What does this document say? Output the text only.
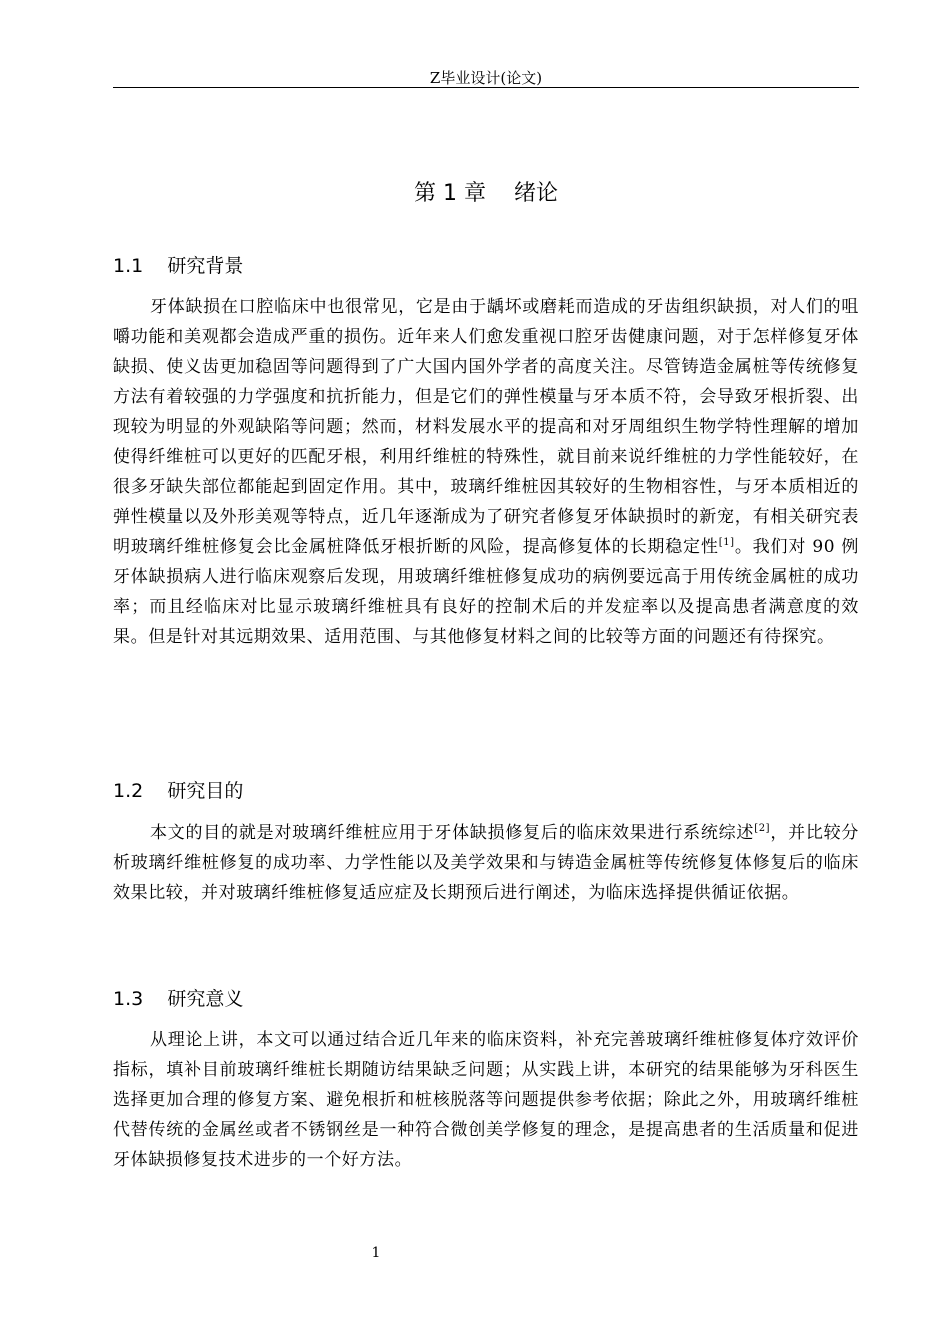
Z毕业设计(论文)
第 1 章    绪论
1.1    研究背景

牙体缺损在口腔临床中也很常见，它是由于龋坏或磨耗而造成的牙齿组织缺损，对人们的咀嚼功能和美观都会造成严重的损伤。近年来人们愈发重视口腔牙齿健康问题，对于怎样修复牙体缺损、使义齿更加稳固等问题得到了广大国内国外学者的高度关注。尽管铸造金属桩等传统修复方法有着较强的力学强度和抗折能力，但是它们的弹性模量与牙本质不符，会导致牙根折裂、出现较为明显的外观缺陷等问题；然而，材料发展水平的提高和对牙周组织生物学特性理解的增加使得纤维桩可以更好的匹配牙根，利用纤维桩的特殊性，就目前来说纤维桩的力学性能较好，在很多牙缺失部位都能起到固定作用。其中，玻璃纤维桩因其较好的生物相容性，与牙本质相近的弹性模量以及外形美观等特点，近几年逐渐成为了研究者修复牙体缺损时的新宠，有相关研究表明玻璃纤维桩修复会比金属桩降低牙根折断的风险，提高修复体的长期稳定性[1]。我们对 90 例牙体缺损病人进行临床观察后发现，用玻璃纤维桩修复成功的病例要远高于用传统金属桩的成功率；而且经临床对比显示玻璃纤维桩具有良好的控制术后的并发症率以及提高患者满意度的效果。但是针对其远期效果、适用范围、与其他修复材料之间的比较等方面的问题还有待探究。

1.2    研究目的

本文的目的就是对玻璃纤维桩应用于牙体缺损修复后的临床效果进行系统综述[2]，并比较分析玻璃纤维桩修复的成功率、力学性能以及美学效果和与铸造金属桩等传统修复体修复后的临床效果比较，并对玻璃纤维桩修复适应症及长期预后进行阐述，为临床选择提供循证依据。

1.3    研究意义

从理论上讲，本文可以通过结合近几年来的临床资料，补充完善玻璃纤维桩修复体疗效评价指标，填补目前玻璃纤维桩长期随访结果缺乏问题；从实践上讲，本研究的结果能够为牙科医生选择更加合理的修复方案、避免根折和桩核脱落等问题提供参考依据；除此之外，用玻璃纤维桩代替传统的金属丝或者不锈钢丝是一种符合微创美学修复的理念，是提高患者的生活质量和促进牙体缺损修复技术进步的一个好方法。

1
